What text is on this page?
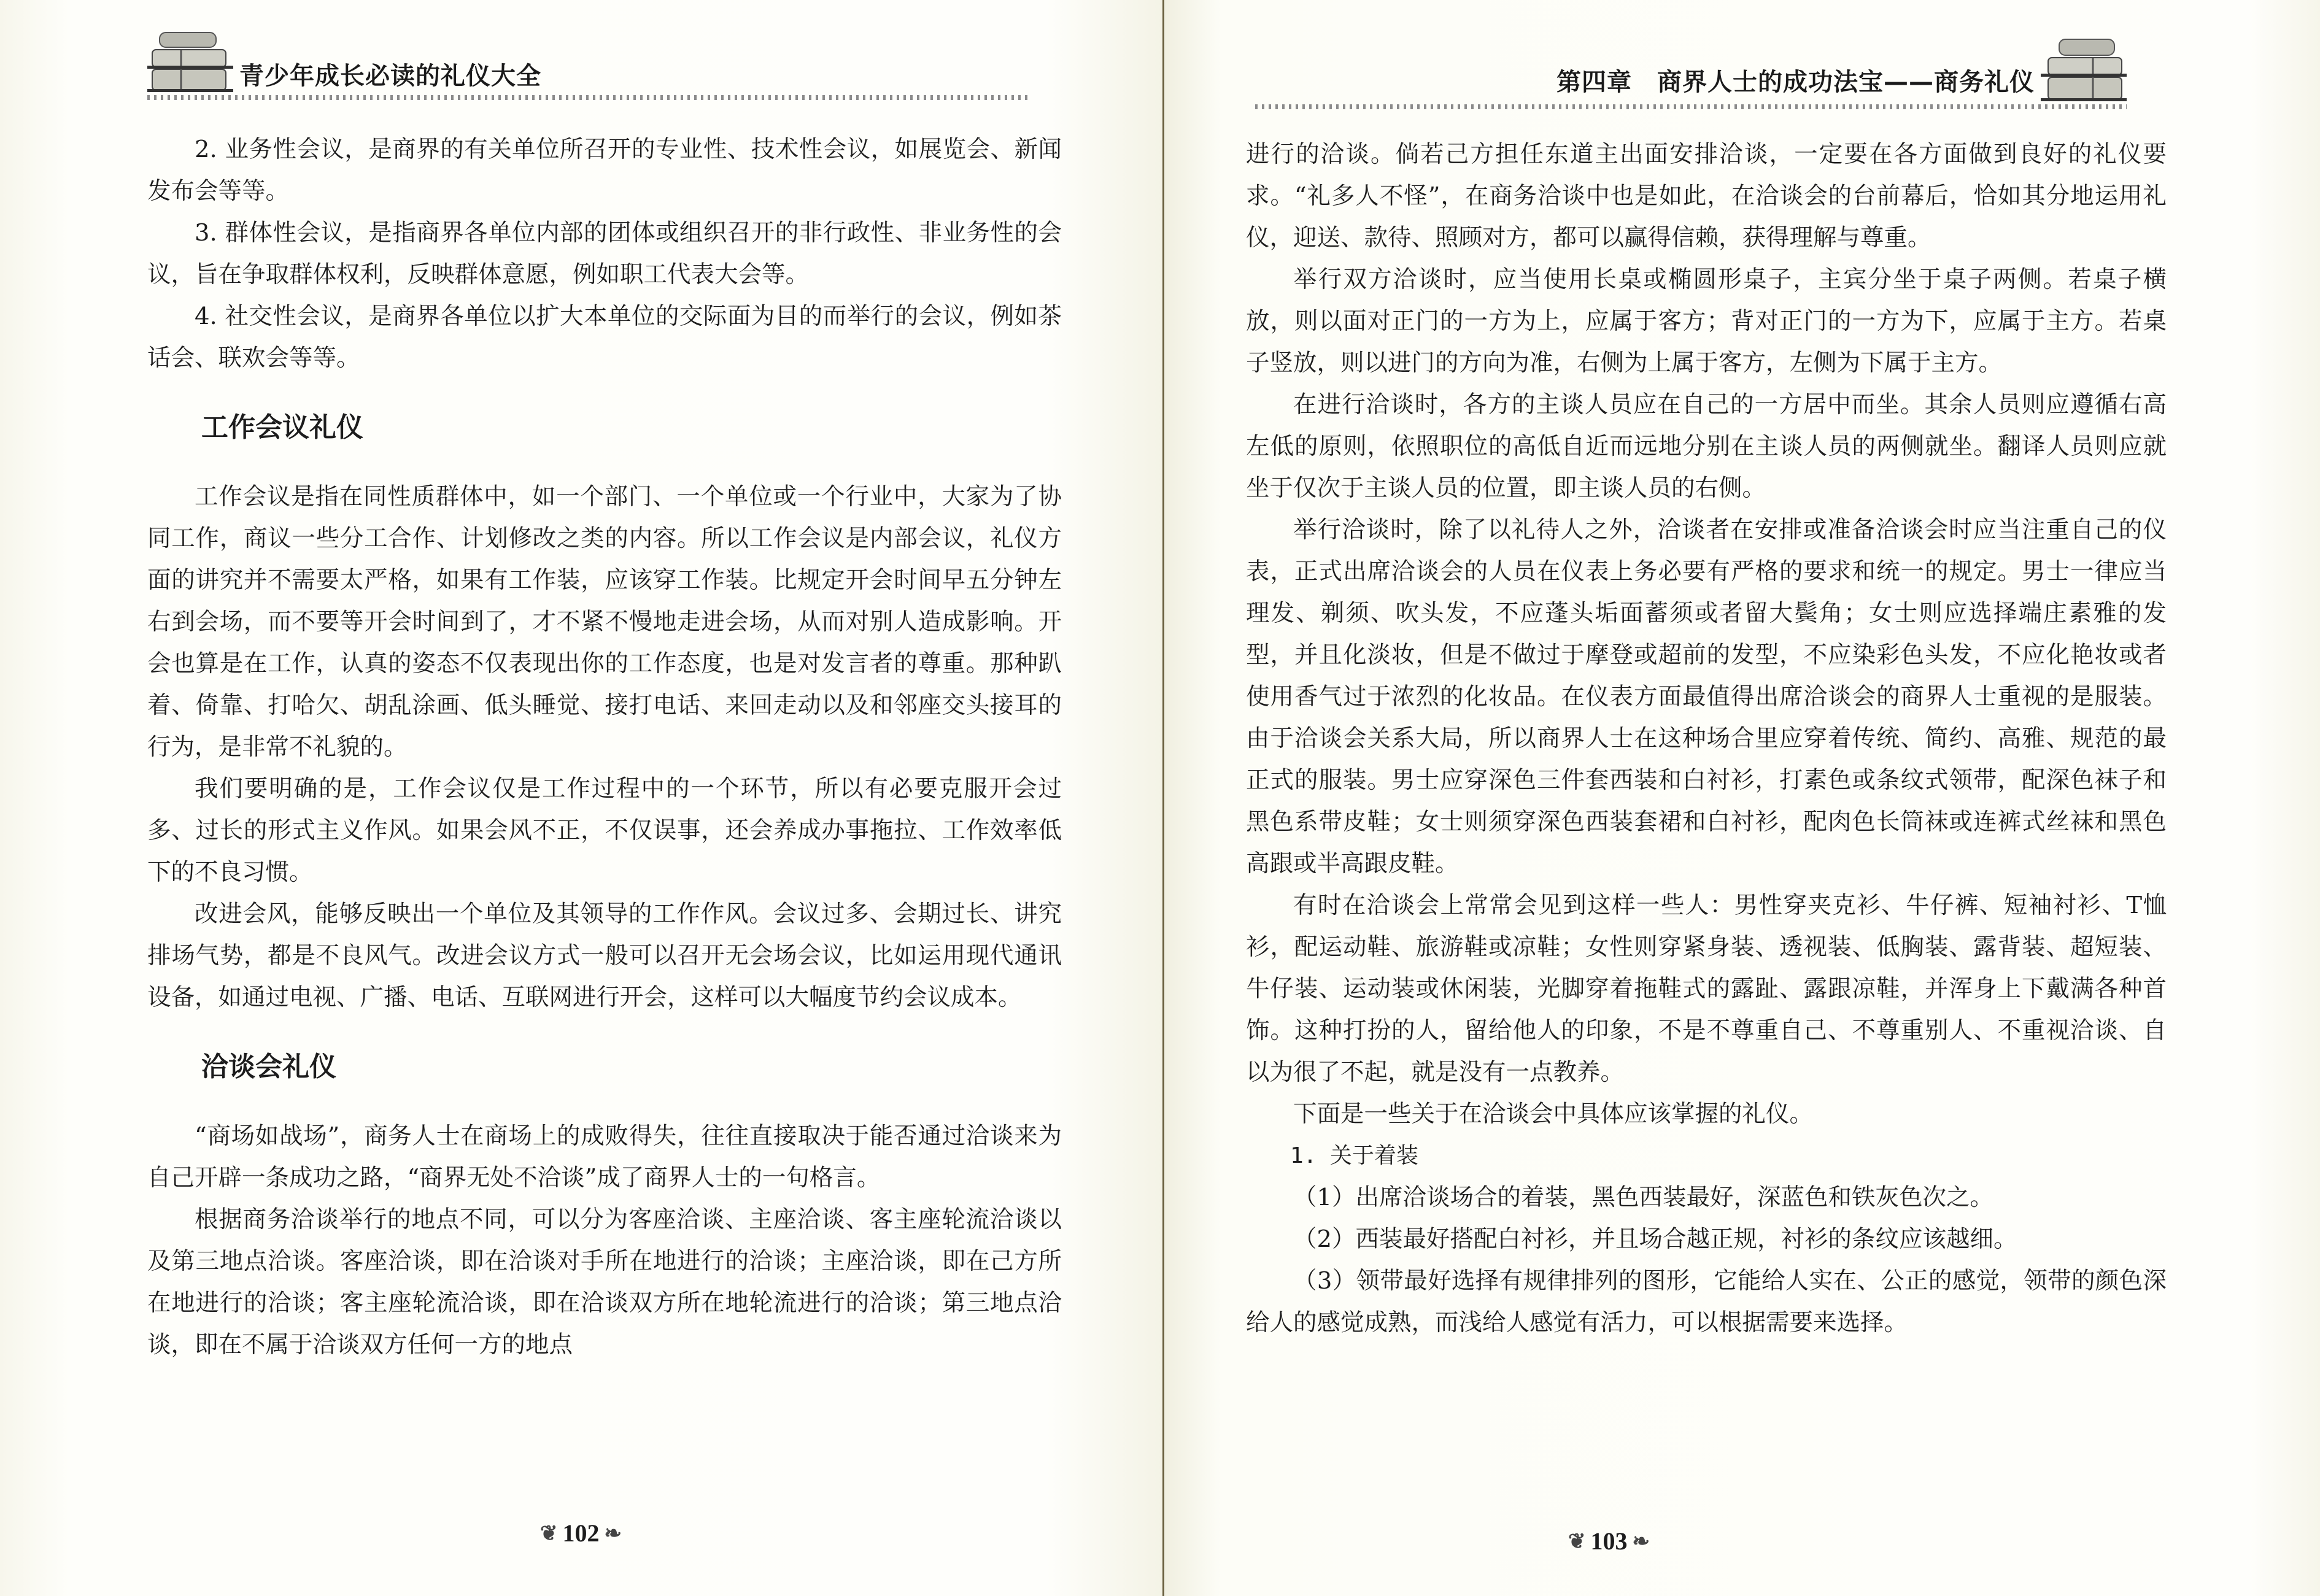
青少年成长必读的礼仪大全

2. 业务性会议，是商界的有关单位所召开的专业性、技术性会议，如展览会、新闻发布会等等。

3. 群体性会议，是指商界各单位内部的团体或组织召开的非行政性、非业务性的会议，旨在争取群体权利，反映群体意愿，例如职工代表大会等。

4. 社交性会议，是商界各单位以扩大本单位的交际面为目的而举行的会议，例如茶话会、联欢会等等。

工作会议礼仪

工作会议是指在同性质群体中，如一个部门、一个单位或一个行业中，大家为了协同工作，商议一些分工合作、计划修改之类的内容。所以工作会议是内部会议，礼仪方面的讲究并不需要太严格，如果有工作装，应该穿工作装。比规定开会时间早五分钟左右到会场，而不要等开会时间到了，才不紧不慢地走进会场，从而对别人造成影响。开会也算是在工作，认真的姿态不仅表现出你的工作态度，也是对发言者的尊重。那种趴着、倚靠、打哈欠、胡乱涂画、低头睡觉、接打电话、来回走动以及和邻座交头接耳的行为，是非常不礼貌的。

我们要明确的是，工作会议仅是工作过程中的一个环节，所以有必要克服开会过多、过长的形式主义作风。如果会风不正，不仅误事，还会养成办事拖拉、工作效率低下的不良习惯。

改进会风，能够反映出一个单位及其领导的工作作风。会议过多、会期过长、讲究排场气势，都是不良风气。改进会议方式一般可以召开无会场会议，比如运用现代通讯设备，如通过电视、广播、电话、互联网进行开会，这样可以大幅度节约会议成本。

洽谈会礼仪

“商场如战场”，商务人士在商场上的成败得失，往往直接取决于能否通过洽谈来为自己开辟一条成功之路，“商界无处不洽谈”成了商界人士的一句格言。

根据商务洽谈举行的地点不同，可以分为客座洽谈、主座洽谈、客主座轮流洽谈以及第三地点洽谈。客座洽谈，即在洽谈对手所在地进行的洽谈；主座洽谈，即在己方所在地进行的洽谈；客主座轮流洽谈，即在洽谈双方所在地轮流进行的洽谈；第三地点洽谈，即在不属于洽谈双方任何一方的地点

❦ 102 ❧
第四章　商界人士的成功法宝——商务礼仪

进行的洽谈。倘若己方担任东道主出面安排洽谈，一定要在各方面做到良好的礼仪要求。“礼多人不怪”，在商务洽谈中也是如此，在洽谈会的台前幕后，恰如其分地运用礼仪，迎送、款待、照顾对方，都可以赢得信赖，获得理解与尊重。

举行双方洽谈时，应当使用长桌或椭圆形桌子，主宾分坐于桌子两侧。若桌子横放，则以面对正门的一方为上，应属于客方；背对正门的一方为下，应属于主方。若桌子竖放，则以进门的方向为准，右侧为上属于客方，左侧为下属于主方。

在进行洽谈时，各方的主谈人员应在自己的一方居中而坐。其余人员则应遵循右高左低的原则，依照职位的高低自近而远地分别在主谈人员的两侧就坐。翻译人员则应就坐于仅次于主谈人员的位置，即主谈人员的右侧。

举行洽谈时，除了以礼待人之外，洽谈者在安排或准备洽谈会时应当注重自己的仪表，正式出席洽谈会的人员在仪表上务必要有严格的要求和统一的规定。男士一律应当理发、剃须、吹头发，不应蓬头垢面蓄须或者留大鬓角；女士则应选择端庄素雅的发型，并且化淡妆，但是不做过于摩登或超前的发型，不应染彩色头发，不应化艳妆或者使用香气过于浓烈的化妆品。在仪表方面最值得出席洽谈会的商界人士重视的是服装。由于洽谈会关系大局，所以商界人士在这种场合里应穿着传统、简约、高雅、规范的最正式的服装。男士应穿深色三件套西装和白衬衫，打素色或条纹式领带，配深色袜子和黑色系带皮鞋；女士则须穿深色西装套裙和白衬衫，配肉色长筒袜或连裤式丝袜和黑色高跟或半高跟皮鞋。

有时在洽谈会上常常会见到这样一些人：男性穿夹克衫、牛仔裤、短袖衬衫、T恤衫，配运动鞋、旅游鞋或凉鞋；女性则穿紧身装、透视装、低胸装、露背装、超短装、牛仔装、运动装或休闲装，光脚穿着拖鞋式的露趾、露跟凉鞋，并浑身上下戴满各种首饰。这种打扮的人，留给他人的印象，不是不尊重自己、不尊重别人、不重视洽谈、自以为很了不起，就是没有一点教养。

下面是一些关于在洽谈会中具体应该掌握的礼仪。

1. 关于着装

（1）出席洽谈场合的着装，黑色西装最好，深蓝色和铁灰色次之。

（2）西装最好搭配白衬衫，并且场合越正规，衬衫的条纹应该越细。

（3）领带最好选择有规律排列的图形，它能给人实在、公正的感觉，领带的颜色深给人的感觉成熟，而浅给人感觉有活力，可以根据需要来选择。

❦ 103 ❧
